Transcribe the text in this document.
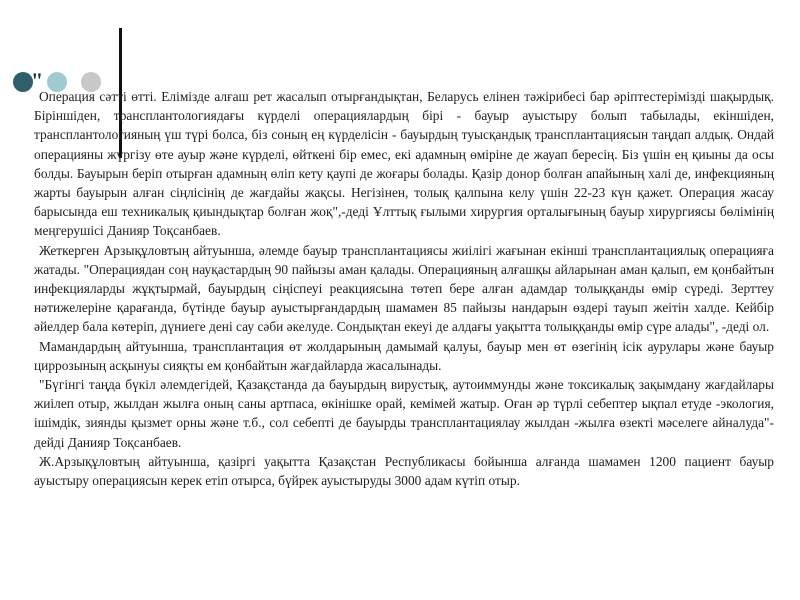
"

Операция сәтті өтті. Елімізде алғаш рет жасалып отырғандықтан, Беларусь елінен тәжірибесі бар әріптестерімізді шақырдық. Біріншіден, трансплантологиядағы күрделі операциялардың бірі - бауыр ауыстыру болып табылады, екіншіден, трансплантологияның үш түрі болса, біз соның ең күрделісін - бауырдың туысқандық трансплантациясын таңдап алдық. Ондай операцияны жүргізу өте ауыр және күрделі, өйткені бір емес, екі адамның өміріне де жауап бересің. Біз үшін ең қиыны да осы болды. Бауырын беріп отырған адамның өліп кету қаупі де жоғары болады. Қазір донор болған апайының халі де, инфекцияның жарты бауырын алған сіңлісінің де жағдайы жақсы. Негізінен, толық қалпына келу үшін 22-23 күн қажет. Операция жасау барысында еш техникалық қиындықтар болған жоқ",-деді Ұлттық ғылыми хирургия орталығының бауыр хирургиясы бөлімінің меңгерушісі Данияр Тоқсанбаев.

Жеткерген Арзықұловтың айтуынша, әлемде бауыр трансплантациясы жиілігі жағынан екінші трансплантациялық операцияға жатады. "Операциядан соң науқастардың 90 пайызы аман қалады. Операцияның алғашқы айларынан аман қалып, ем қонбайтын инфекцияларды жұқтырмай, бауырдың сіңіспеуі реакциясына төтеп бере алған адамдар толыққанды өмір сүреді. Зерттеу нәтижелеріне қарағанда, бүтінде бауыр ауыстырғандардың шамамен 85 пайызы нандарын өздері тауып жеітін халде. Кейбір әйелдер бала көтеріп, дүниеге дені сау сәби әкелуде. Сондықтан екеуі де алдағы уақытта толыққанды өмір сүре алады", -деді ол.

Мамандардың айтуынша, трансплантация өт жолдарының дамымай қалуы, бауыр мен өт өзегінің ісік аурулары және бауыр циррозының асқынуы сияқты ем қонбайтын жағдайларда жасалынады.

"Бүгінгі таңда бүкіл әлемдегідей, Қазақстанда да бауырдың вирустық, аутоиммунды және токсикалық зақымдану жағдайлары жиілеп отыр, жылдан жылға оның саны артпаса, өкінішке орай, кемімей жатыр. Оған әр түрлі себептер ықпал етуде -экология, ішімдік, зиянды қызмет орны және т.б., сол себепті де бауырды трансплантациялау жылдан -жылға өзекті мәселеге айналуда"- дейді Данияр Тоқсанбаев.

Ж.Арзықұловтың айтуынша, қазіргі уақытта Қазақстан Республикасы бойынша алғанда шамамен 1200 пациент бауыр ауыстыру операциясын керек етіп отырса, бүйрек ауыстыруды 3000 адам күтіп отыр.
